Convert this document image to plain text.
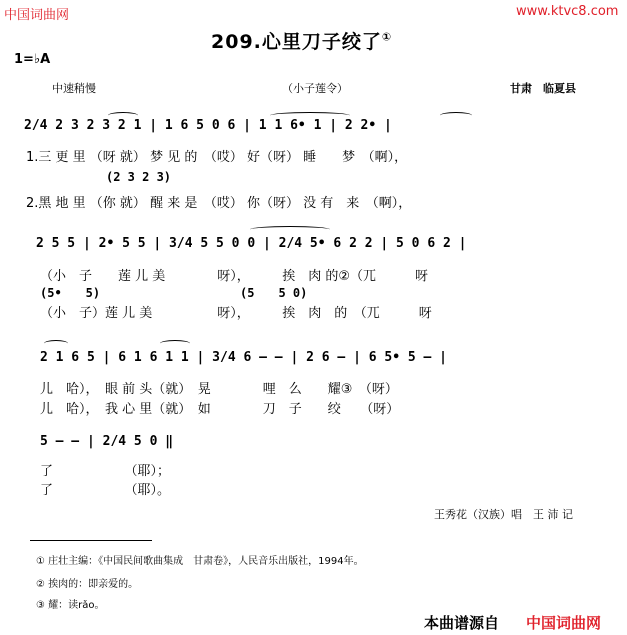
中国词曲网	www.ktvc8.com
209.心里刀子绞了①
1=♭A
中速稍慢	（小子莲令）	甘肃　临夏县
2/4 2 3 2 3 2 1 | 1 6 5 0 6 | 1 1 6• 1 | 2 2• |
1.三 更 里 （呀 就） 梦 见 的　（哎） 好（呀） 睡　　梦　（啊），
(2 3 2 3)
2.黑 地 里 （你 就） 醒 来 是　（哎） 你（呀） 没 有　来　（啊），
2 5 5 | 2• 5 5 | 3/4 5 5 0 0 | 2/4 5• 6 2 2 | 5 0 6 2 |
（小　子　　莲 儿 美　　　　呀），　　　挨　肉 的②（兀　　　呀
(5•　　5)	(5　　5 0)
（小　子）莲 儿 美　　　　　呀），　　　挨　肉　的　（兀　　　呀
2 1 6 5 | 6 1 6 1 1 | 3/4 6 — — | 2 6 — | 6 5• 5 — |
儿　哈），　眼 前 头（就）　晃　　　　哩　么　　耀③　（呀）
儿　哈），　我 心 里（就）　如　　　　刀　子　　绞　　（呀）
5 — — | 2/4 5 0 ‖
了　　　　　　（耶）；
了　　　　　　（耶）。
王秀花（汉族）唱　王 沛 记
① 庄壮主编：《中国民间歌曲集成　甘肃卷》，人民音乐出版社，1994年。
② 挨肉的：即亲爱的。
③ 耀：读rǎo。
本曲谱源自 中国词曲网
